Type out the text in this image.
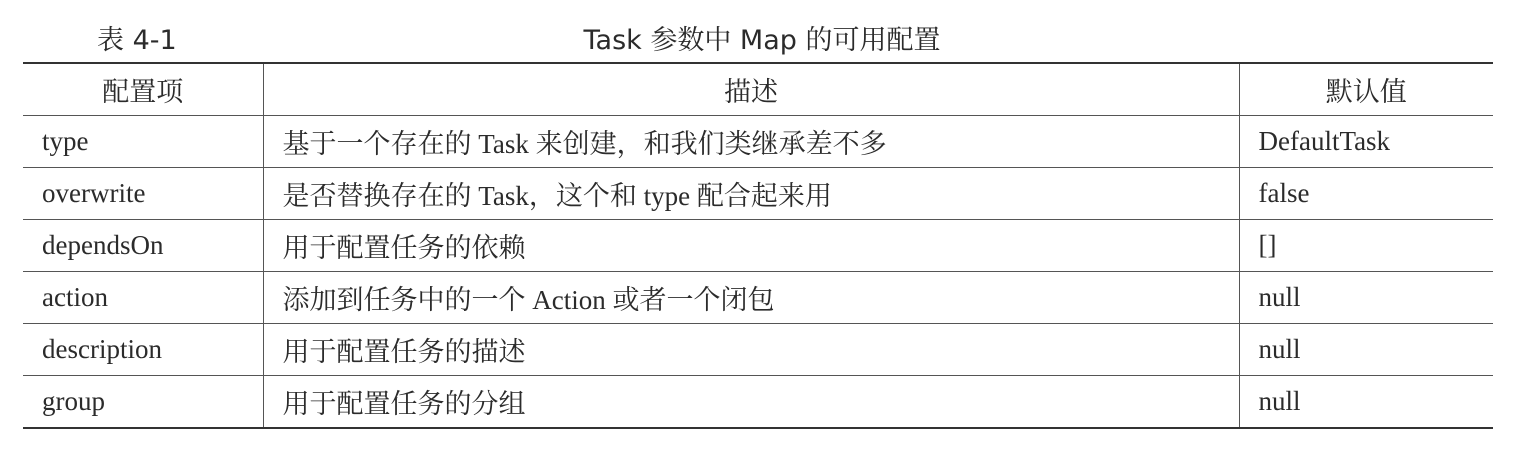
表 4-1	Task 参数中 Map 的可用配置
配置项	描述	默认值
type	基于一个存在的 Task 来创建，和我们类继承差不多	DefaultTask
overwrite	是否替换存在的 Task，这个和 type 配合起来用	false
dependsOn	用于配置任务的依赖	[]
action	添加到任务中的一个 Action 或者一个闭包	null
description	用于配置任务的描述	null
group	用于配置任务的分组	null
